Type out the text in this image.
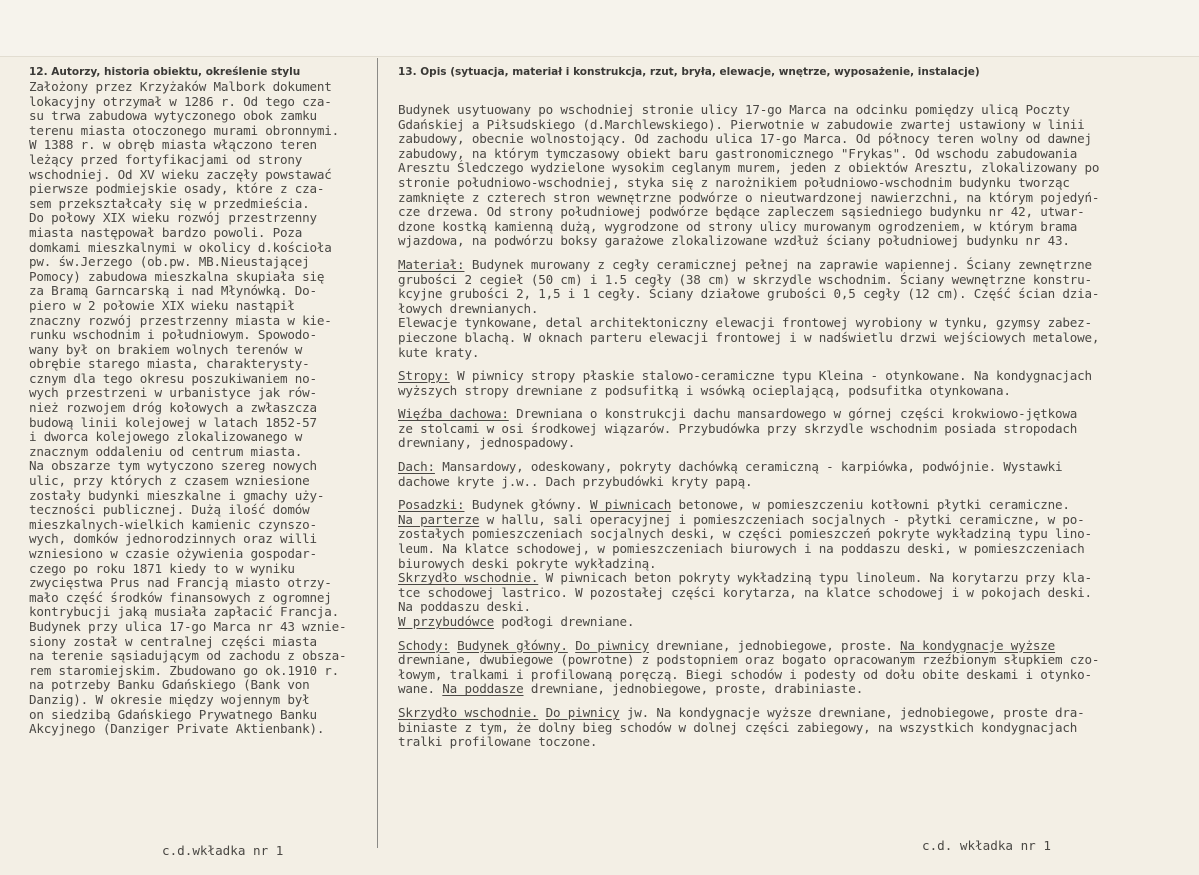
12. Autorzy, historia obiektu, określenie stylu	13. Opis (sytuacja, materiał i konstrukcja, rzut, bryła, elewacje, wnętrze, wyposażenie, instalacje)

Założony przez Krzyżaków Malbork dokument

lokacyjny otrzymał w 1286 r. Od tego cza-

su trwa zabudowa wytyczonego obok zamku

terenu miasta otoczonego murami obronnymi.

W 1388 r. w obręb miasta włączono teren

leżący przed fortyfikacjami od strony

wschodniej. Od XV wieku zaczęły powstawać

pierwsze podmiejskie osady, które z cza-

sem przekształcały się w przedmieścia.

Do połowy XIX wieku rozwój przestrzenny

miasta następował bardzo powoli. Poza

domkami mieszkalnymi w okolicy d.kościoła

pw. św.Jerzego (ob.pw. MB.Nieustającej

Pomocy) zabudowa mieszkalna skupiała się

za Bramą Garncarską i nad Młynówką. Do-

piero w 2 połowie XIX wieku nastąpił

znaczny rozwój przestrzenny miasta w kie-

runku wschodnim i południowym. Spowodo-

wany był on brakiem wolnych terenów w

obrębie starego miasta, charakterysty-

cznym dla tego okresu poszukiwaniem no-

wych przestrzeni w urbanistyce jak rów-

nież rozwojem dróg kołowych a zwłaszcza

budową linii kolejowej w latach 1852-57

i dworca kolejowego zlokalizowanego w

znacznym oddaleniu od centrum miasta.

Na obszarze tym wytyczono szereg nowych

ulic, przy których z czasem wzniesione

zostały budynki mieszkalne i gmachy uży-

teczności publicznej. Dużą ilość domów

mieszkalnych-wielkich kamienic czynszo-

wych, domków jednorodzinnych oraz willi

wzniesiono w czasie ożywienia gospodar-

czego po roku 1871 kiedy to w wyniku

zwycięstwa Prus nad Francją miasto otrzy-

mało część środków finansowych z ogromnej

kontrybucji jaką musiała zapłacić Francja.

Budynek przy ulica 17-go Marca nr 43 wznie-

siony został w centralnej części miasta

na terenie sąsiadującym od zachodu z obsza-

rem staromiejskim. Zbudowano go ok.1910 r.

na potrzeby Banku Gdańskiego (Bank von

Danzig). W okresie między wojennym był

on siedzibą Gdańskiego Prywatnego Banku

Akcyjnego (Danziger Private Aktienbank).

Budynek usytuowany po wschodniej stronie ulicy 17-go Marca na odcinku pomiędzy ulicą Poczty

Gdańskiej a Piłsudskiego (d.Marchlewskiego). Pierwotnie w zabudowie zwartej ustawiony w linii

zabudowy, obecnie wolnostojący. Od zachodu ulica 17-go Marca. Od północy teren wolny od dawnej

zabudowy, na którym tymczasowy obiekt baru gastronomicznego "Frykas". Od wschodu zabudowania

Aresztu Śledczego wydzielone wysokim ceglanym murem, jeden z obiektów Aresztu, zlokalizowany po

stronie południowo-wschodniej, styka się z narożnikiem południowo-wschodnim budynku tworząc

zamknięte z czterech stron wewnętrzne podwórze o nieutwardzonej nawierzchni, na którym pojedyń-

cze drzewa. Od strony południowej podwórze będące zapleczem sąsiedniego budynku nr 42, utwar-

dzone kostką kamienną dużą, wygrodzone od strony ulicy murowanym ogrodzeniem, w którym brama

wjazdowa, na podwórzu boksy garażowe zlokalizowane wzdłuż ściany południowej budynku nr 43.

Materiał: Budynek murowany z cegły ceramicznej pełnej na zaprawie wapiennej. Ściany zewnętrzne

grubości 2 cegieł (50 cm) i 1.5 cegły (38 cm) w skrzydle wschodnim. Ściany wewnętrzne konstru-

kcyjne grubości 2, 1,5 i 1 cegły. Ściany działowe grubości 0,5 cegły (12 cm). Część ścian dzia-

łowych drewnianych.

Elewacje tynkowane, detal architektoniczny elewacji frontowej wyrobiony w tynku, gzymsy zabez-

pieczone blachą. W oknach parteru elewacji frontowej i w nadświetlu drzwi wejściowych metalowe,

kute kraty.

Stropy: W piwnicy stropy płaskie stalowo-ceramiczne typu Kleina - otynkowane. Na kondygnacjach

wyższych stropy drewniane z podsufitką i wsówką ocieplającą, podsufitka otynkowana.

Więźba dachowa: Drewniana o konstrukcji dachu mansardowego w górnej części krokwiowo-jętkowa

ze stolcami w osi środkowej wiązarów. Przybudówka przy skrzydle wschodnim posiada stropodach

drewniany, jednospadowy.

Dach: Mansardowy, odeskowany, pokryty dachówką ceramiczną - karpiówka, podwójnie. Wystawki

dachowe kryte j.w.. Dach przybudówki kryty papą.

Posadzki: Budynek główny. W piwnicach betonowe, w pomieszczeniu kotłowni płytki ceramiczne.

Na parterze w hallu, sali operacyjnej i pomieszczeniach socjalnych - płytki ceramiczne, w po-

zostałych pomieszczeniach socjalnych deski, w części pomieszczeń pokryte wykładziną typu lino-

leum. Na klatce schodowej, w pomieszczeniach biurowych i na poddaszu deski, w pomieszczeniach

biurowych deski pokryte wykładziną.

Skrzydło wschodnie. W piwnicach beton pokryty wykładziną typu linoleum. Na korytarzu przy kla-

tce schodowej lastrico. W pozostałej części korytarza, na klatce schodowej i w pokojach deski.

Na poddaszu deski.

W przybudówce podłogi drewniane.

Schody: Budynek główny. Do piwnicy drewniane, jednobiegowe, proste. Na kondygnacje wyższe

drewniane, dwubiegowe (powrotne) z podstopniem oraz bogato opracowanym rzeźbionym słupkiem czo-

łowym, tralkami i profilowaną poręczą. Biegi schodów i podesty od dołu obite deskami i otynko-

wane. Na poddasze drewniane, jednobiegowe, proste, drabiniaste.

Skrzydło wschodnie. Do piwnicy jw. Na kondygnacje wyższe drewniane, jednobiegowe, proste dra-

biniaste z tym, że dolny bieg schodów w dolnej części zabiegowy, na wszystkich kondygnacjach

tralki profilowane toczone.

c.d.wkładka nr 1	c.d. wkładka nr 1
